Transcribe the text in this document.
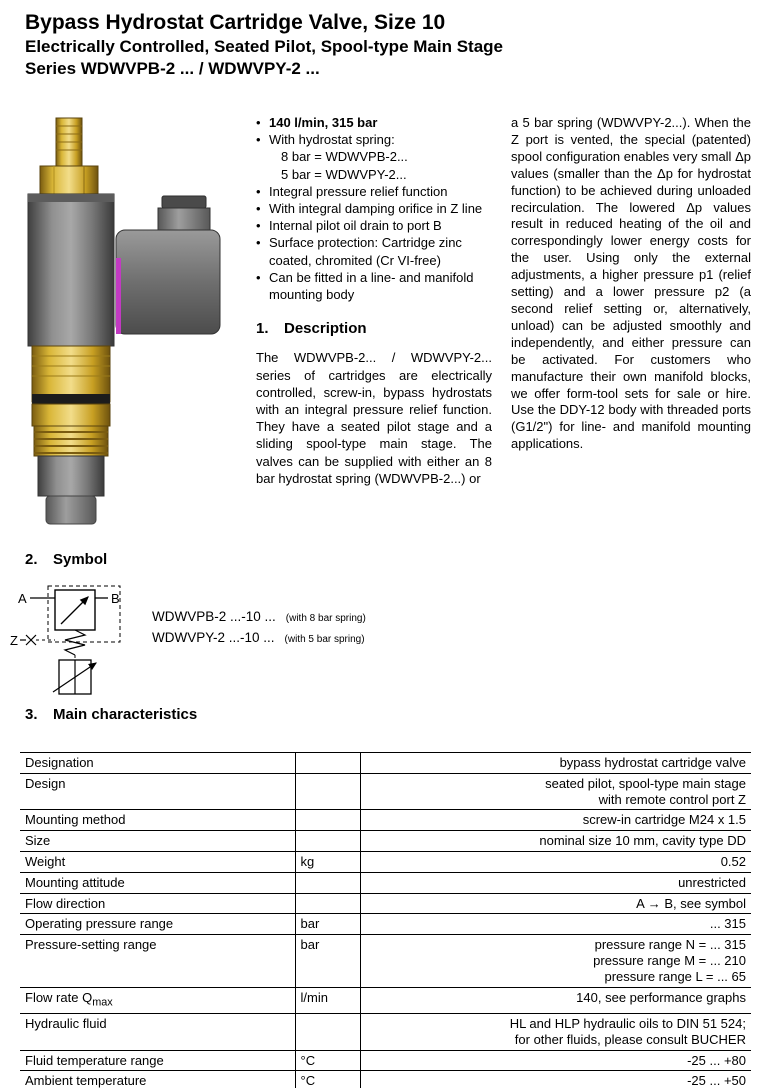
Bypass Hydrostat Cartridge Valve, Size 10
Electrically Controlled, Seated Pilot, Spool-type Main Stage
Series WDWVPB-2 ... / WDWVPY-2 ...
• 140 l/min, 315 bar
• With hydrostat spring:
8 bar = WDWVPB-2...
5 bar = WDWVPY-2...
• Integral pressure relief function
• With integral damping orifice in Z line
• Internal pilot oil drain to port B
• Surface protection: Cartridge zinc coated, chromited (Cr VI-free)
• Can be fitted in a line- and manifold mounting body
1. Description

The WDWVPB-2... / WDWVPY-2... series of cartridges are electrically controlled, screw-in, bypass hydrostats with an integral pressure relief function. They have a seated pilot stage and a sliding spool-type main stage. The valves can be supplied with either an 8 bar hydrostat spring (WDWVPB-2...) or

a 5 bar spring (WDWVPY-2...). When the Z port is vented, the special (patented) spool configuration enables very small Δp values (smaller than the Δp for hydrostat function) to be achieved during unloaded recirculation. The lowered Δp values result in reduced heating of the oil and correspondingly lower energy costs for the user. Using only the external adjustments, a higher pressure p1 (relief setting) and a lower pressure p2 (a second relief setting or, alternatively, unload) can be adjusted smoothly and independently, and either pressure can be activated. For customers who manufacture their own manifold blocks, we offer form-tool sets for sale or hire. Use the DDY-12 body with threaded ports (G1/2") for line- and manifold mounting applications.

2. Symbol
A	B
Z
WDWVPB-2 ...-10 ... (with 8 bar spring)
WDWVPY-2 ...-10 ... (with 5 bar spring)
3. Main characteristics
Designation		bypass hydrostat cartridge valve

Design		seated pilot, spool-type main stage
with remote control port Z

Mounting method		screw-in cartridge M24 x 1.5

Size		nominal size 10 mm, cavity type DD

Weight	kg	0.52

Mounting attitude		unrestricted

Flow direction		A → B, see symbol

Operating pressure range	bar	... 315

Pressure-setting range	bar	pressure range N = ... 315
pressure range M = ... 210
pressure range L = ... 65

Flow rate $Q_{max}$	l/min	140, see performance graphs

Hydraulic fluid		HL and HLP hydraulic oils to DIN 51 524;
for other fluids, please consult BUCHER

Fluid temperature range	°C	-25 ... +80

Ambient temperature	°C	-25 ... +50
